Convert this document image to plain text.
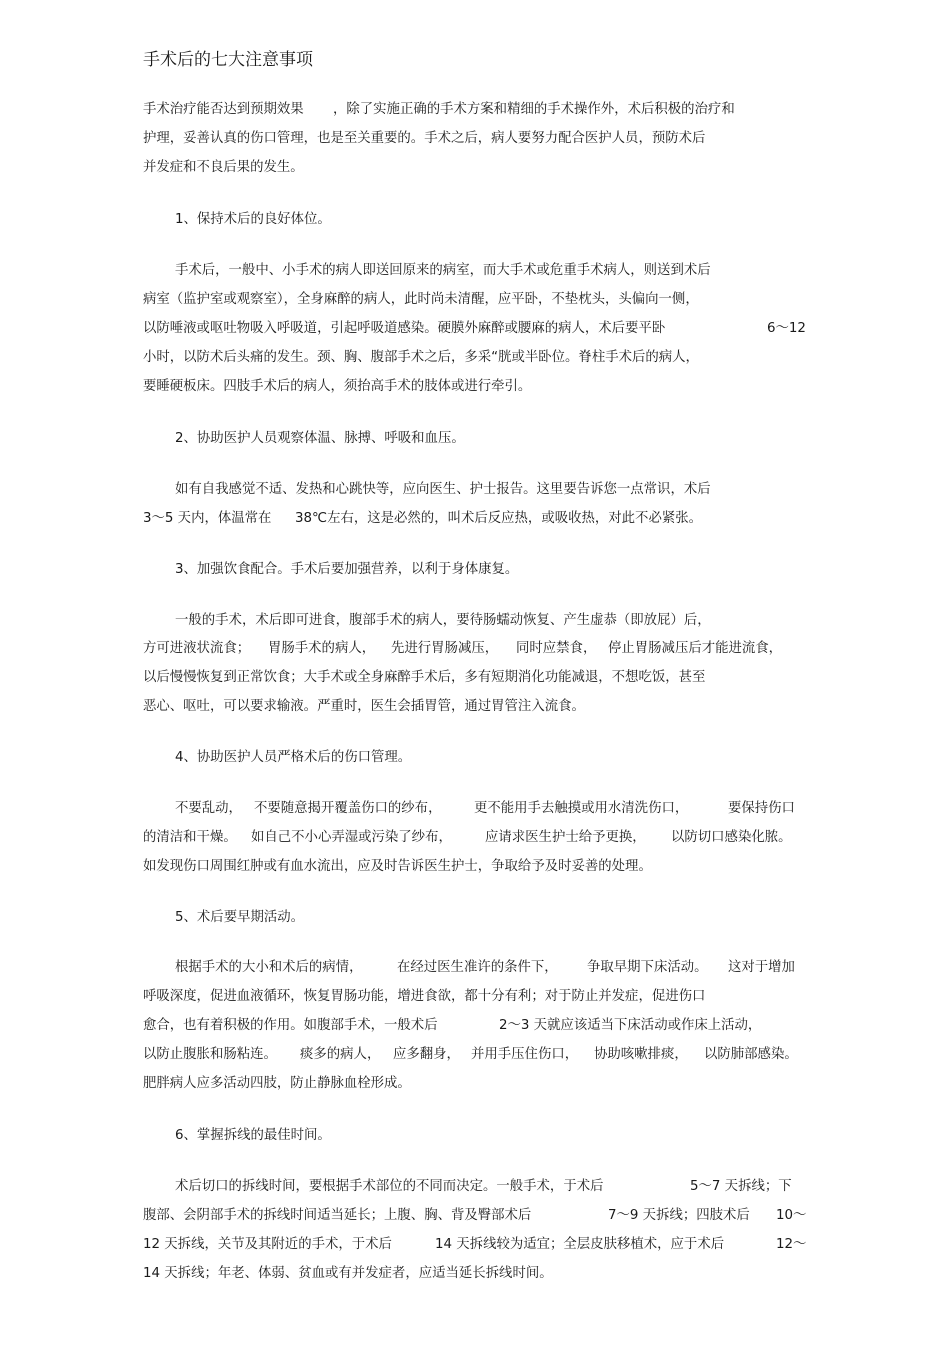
手术后的七大注意事项
手术治疗能否达到预期效果 ，除了实施正确的手术方案和精细的手术操作外，术后积极的治疗和
护理，妥善认真的伤口管理，也是至关重要的。手术之后，病人要努力配合医护人员，预防术后
并发症和不良后果的发生。
1、保持术后的良好体位。
手术后，一般中、小手术的病人即送回原来的病室，而大手术或危重手术病人，则送到术后
病室（监护室或观察室），全身麻醉的病人，此时尚未清醒，应平卧，不垫枕头，头偏向一侧，
以防唾液或呕吐物吸入呼吸道，引起呼吸道感染。硬膜外麻醉或腰麻的病人，术后要平卧	6～12
小时，以防术后头痛的发生。颈、胸、腹部手术之后，多采“胱或半卧位。脊柱手术后的病人，
要睡硬板床。四肢手术后的病人，须抬高手术的肢体或进行牵引。
2、协助医护人员观察体温、脉搏、呼吸和血压。
如有自我感觉不适、发热和心跳快等，应向医生、护士报告。这里要告诉您一点常识，术后
3～5 天内，体温常在 38℃左右，这是必然的，叫术后反应热，或吸收热，对此不必紧张。
3、加强饮食配合。手术后要加强营养，以利于身体康复。
一般的手术，术后即可进食，腹部手术的病人，要待肠蠕动恢复、产生虚恭（即放屁）后，
方可进液状流食； 胃肠手术的病人， 先进行胃肠减压， 同时应禁食， 停止胃肠减压后才能进流食，
以后慢慢恢复到正常饮食；大手术或全身麻醉手术后，多有短期消化功能减退，不想吃饭，甚至
恶心、呕吐，可以要求输液。严重时，医生会插胃管，通过胃管注入流食。
4、协助医护人员严格术后的伤口管理。
不要乱动， 不要随意揭开覆盖伤口的纱布， 更不能用手去触摸或用水清洗伤口，	要保持伤口
的清洁和干燥。 如自己不小心弄湿或污染了纱布， 应请求医生护士给予更换， 以防切口感染化脓。
如发现伤口周围红肿或有血水流出，应及时告诉医生护士，争取给予及时妥善的处理。
5、术后要早期活动。
根据手术的大小和术后的病情，	在经过医生准许的条件下， 争取早期下床活动。 这对于增加
呼吸深度，促进血液循环，恢复胃肠功能，增进食欲，都十分有利；对于防止并发症，促进伤口
愈合，也有着积极的作用。如腹部手术，一般术后	2～3 天就应该适当下床活动或作床上活动，
以防止腹胀和肠粘连。 痰多的病人， 应多翻身， 并用手压住伤口， 协助咳嗽排痰， 以防肺部感染。
肥胖病人应多活动四肢，防止静脉血栓形成。
6、掌握拆线的最佳时间。
术后切口的拆线时间，要根据手术部位的不同而决定。一般手术，于术后	5～7 天拆线；下
腹部、会阴部手术的拆线时间适当延长；上腹、胸、背及臀部术后	7～9 天拆线；四肢术后 10～
12 天拆线，关节及其附近的手术，于术后	14 天拆线较为适宜；全层皮肤移植术，应于术后	12～
14 天拆线；年老、体弱、贫血或有并发症者，应适当延长拆线时间。
